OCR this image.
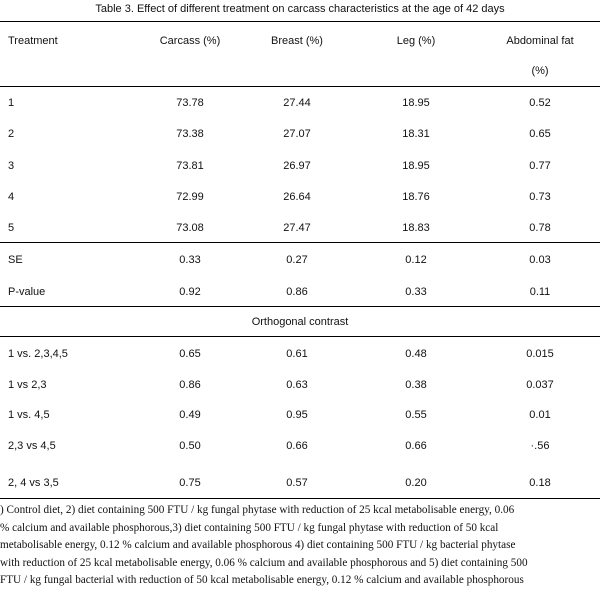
Table 3. Effect of different treatment on carcass characteristics at the age of 42 days
Treatment	Carcass (%)	Breast (%)	Leg (%)	Abdominal fat
(%)
1	73.78	27.44	18.95	0.52
2	73.38	27.07	18.31	0.65
3	73.81	26.97	18.95	0.77
4	72.99	26.64	18.76	0.73
5	73.08	27.47	18.83	0.78
SE	0.33	0.27	0.12	0.03
P-value	0.92	0.86	0.33	0.11
Orthogonal contrast
1 vs. 2,3,4,5	0.65	0.61	0.48	0.015
1 vs 2,3	0.86	0.63	0.38	0.037
1 vs. 4,5	0.49	0.95	0.55	0.01
2,3 vs 4,5	0.50	0.66	0.66	·.56
2, 4 vs 3,5	0.75	0.57	0.20	0.18
) Control diet, 2) diet containing 500 FTU / kg fungal phytase with reduction of 25 kcal metabolisable energy, 0.06
% calcium and available phosphorous,3) diet containing 500 FTU / kg fungal phytase with reduction of 50 kcal
metabolisable energy, 0.12 % calcium and available phosphorous 4) diet containing 500 FTU / kg bacterial phytase
with reduction of 25 kcal metabolisable energy, 0.06 % calcium and available phosphorous and 5) diet containing 500
FTU / kg fungal bacterial with reduction of 50 kcal metabolisable energy, 0.12 % calcium and available phosphorous
